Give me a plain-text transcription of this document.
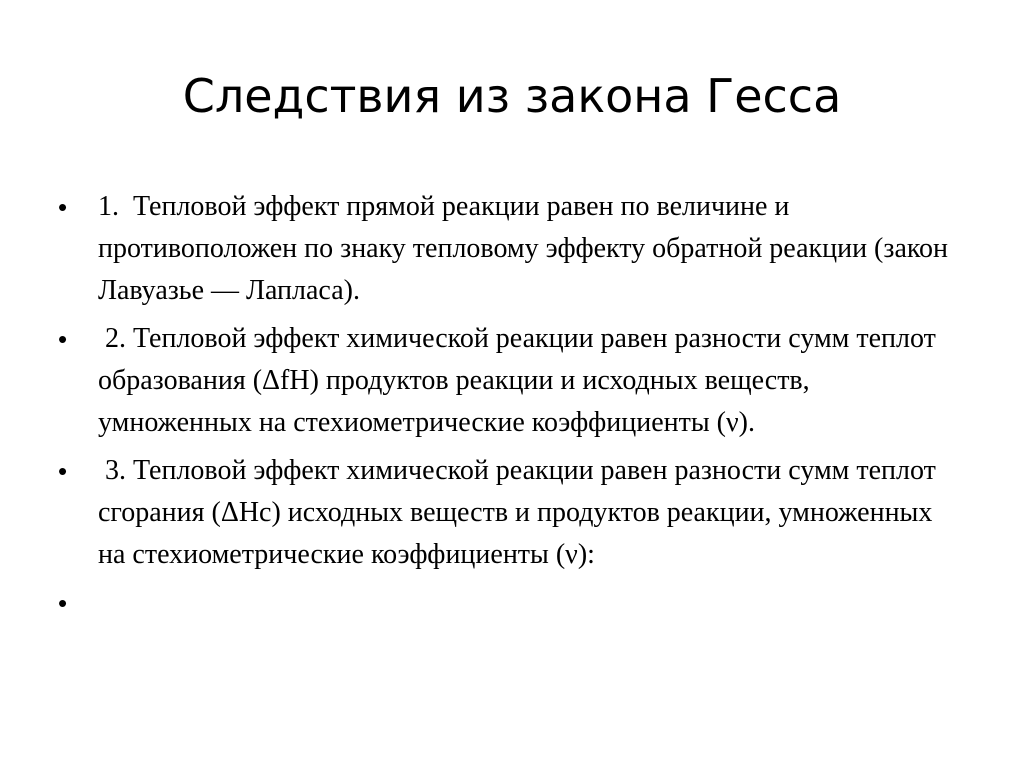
Следствия из закона Гесса
• 1.  Тепловой эффект прямой реакции равен по величине и противоположен по знаку тепловому эффекту обратной реакции (закон Лавуазье — Лапласа).
• 2. Тепловой эффект химической реакции равен разности сумм теплот образования (ΔfH) продуктов реакции и исходных веществ, умноженных на стехиометрические коэффициенты (ν).
• 3. Тепловой эффект химической реакции равен разности сумм теплот сгорания (ΔHc) исходных веществ и продуктов реакции, умноженных на стехиометрические коэффициенты (ν):
•
